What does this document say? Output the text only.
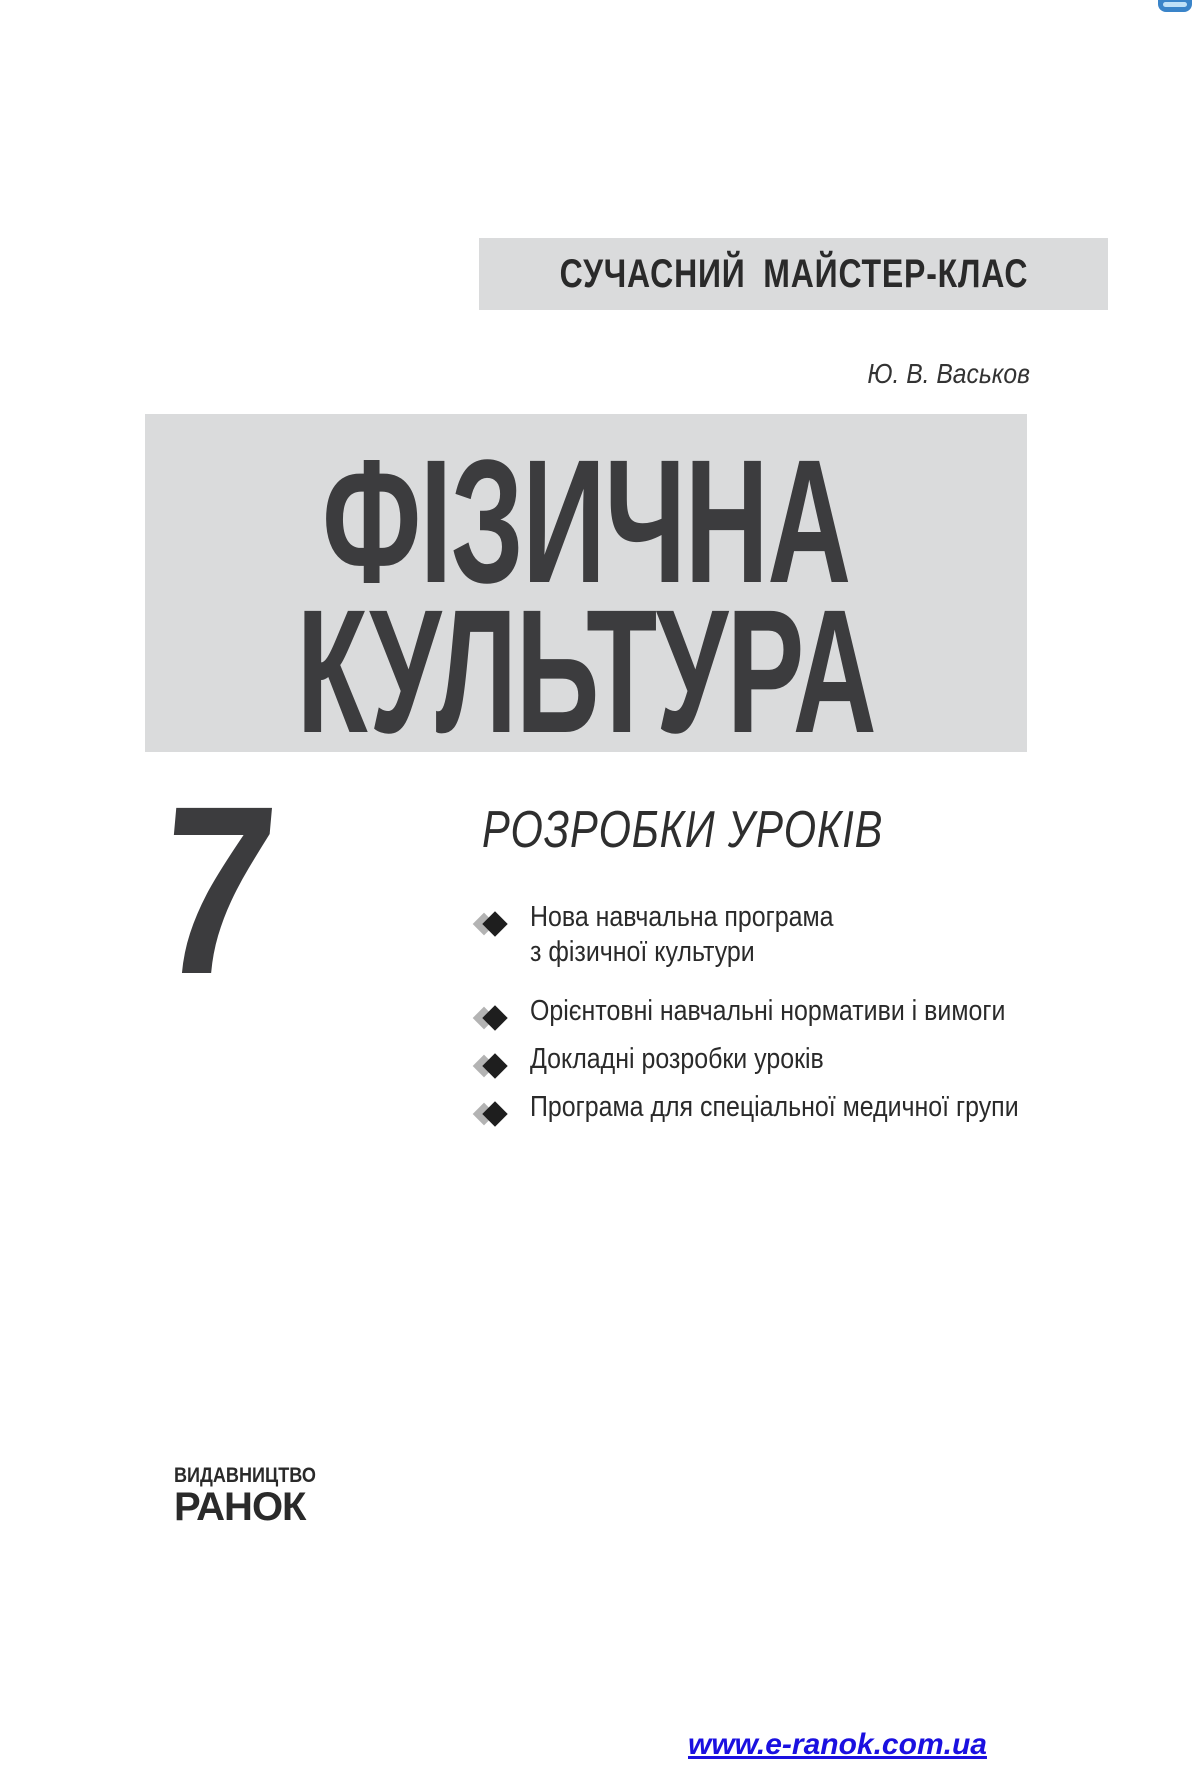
СУЧАСНИЙ МАЙСТЕР-КЛАС
Ю. В. Васьков
ФІЗИЧНА
КУЛЬТУРА
7	РОЗРОБКИ УРОКІВ
Нова навчальна програма
з фізичної культури
Орієнтовні навчальні нормативи і вимоги
Докладні розробки уроків
Програма для спеціальної медичної групи
ВИДАВНИЦТВО
РАНОК
www.e-ranok.com.ua
